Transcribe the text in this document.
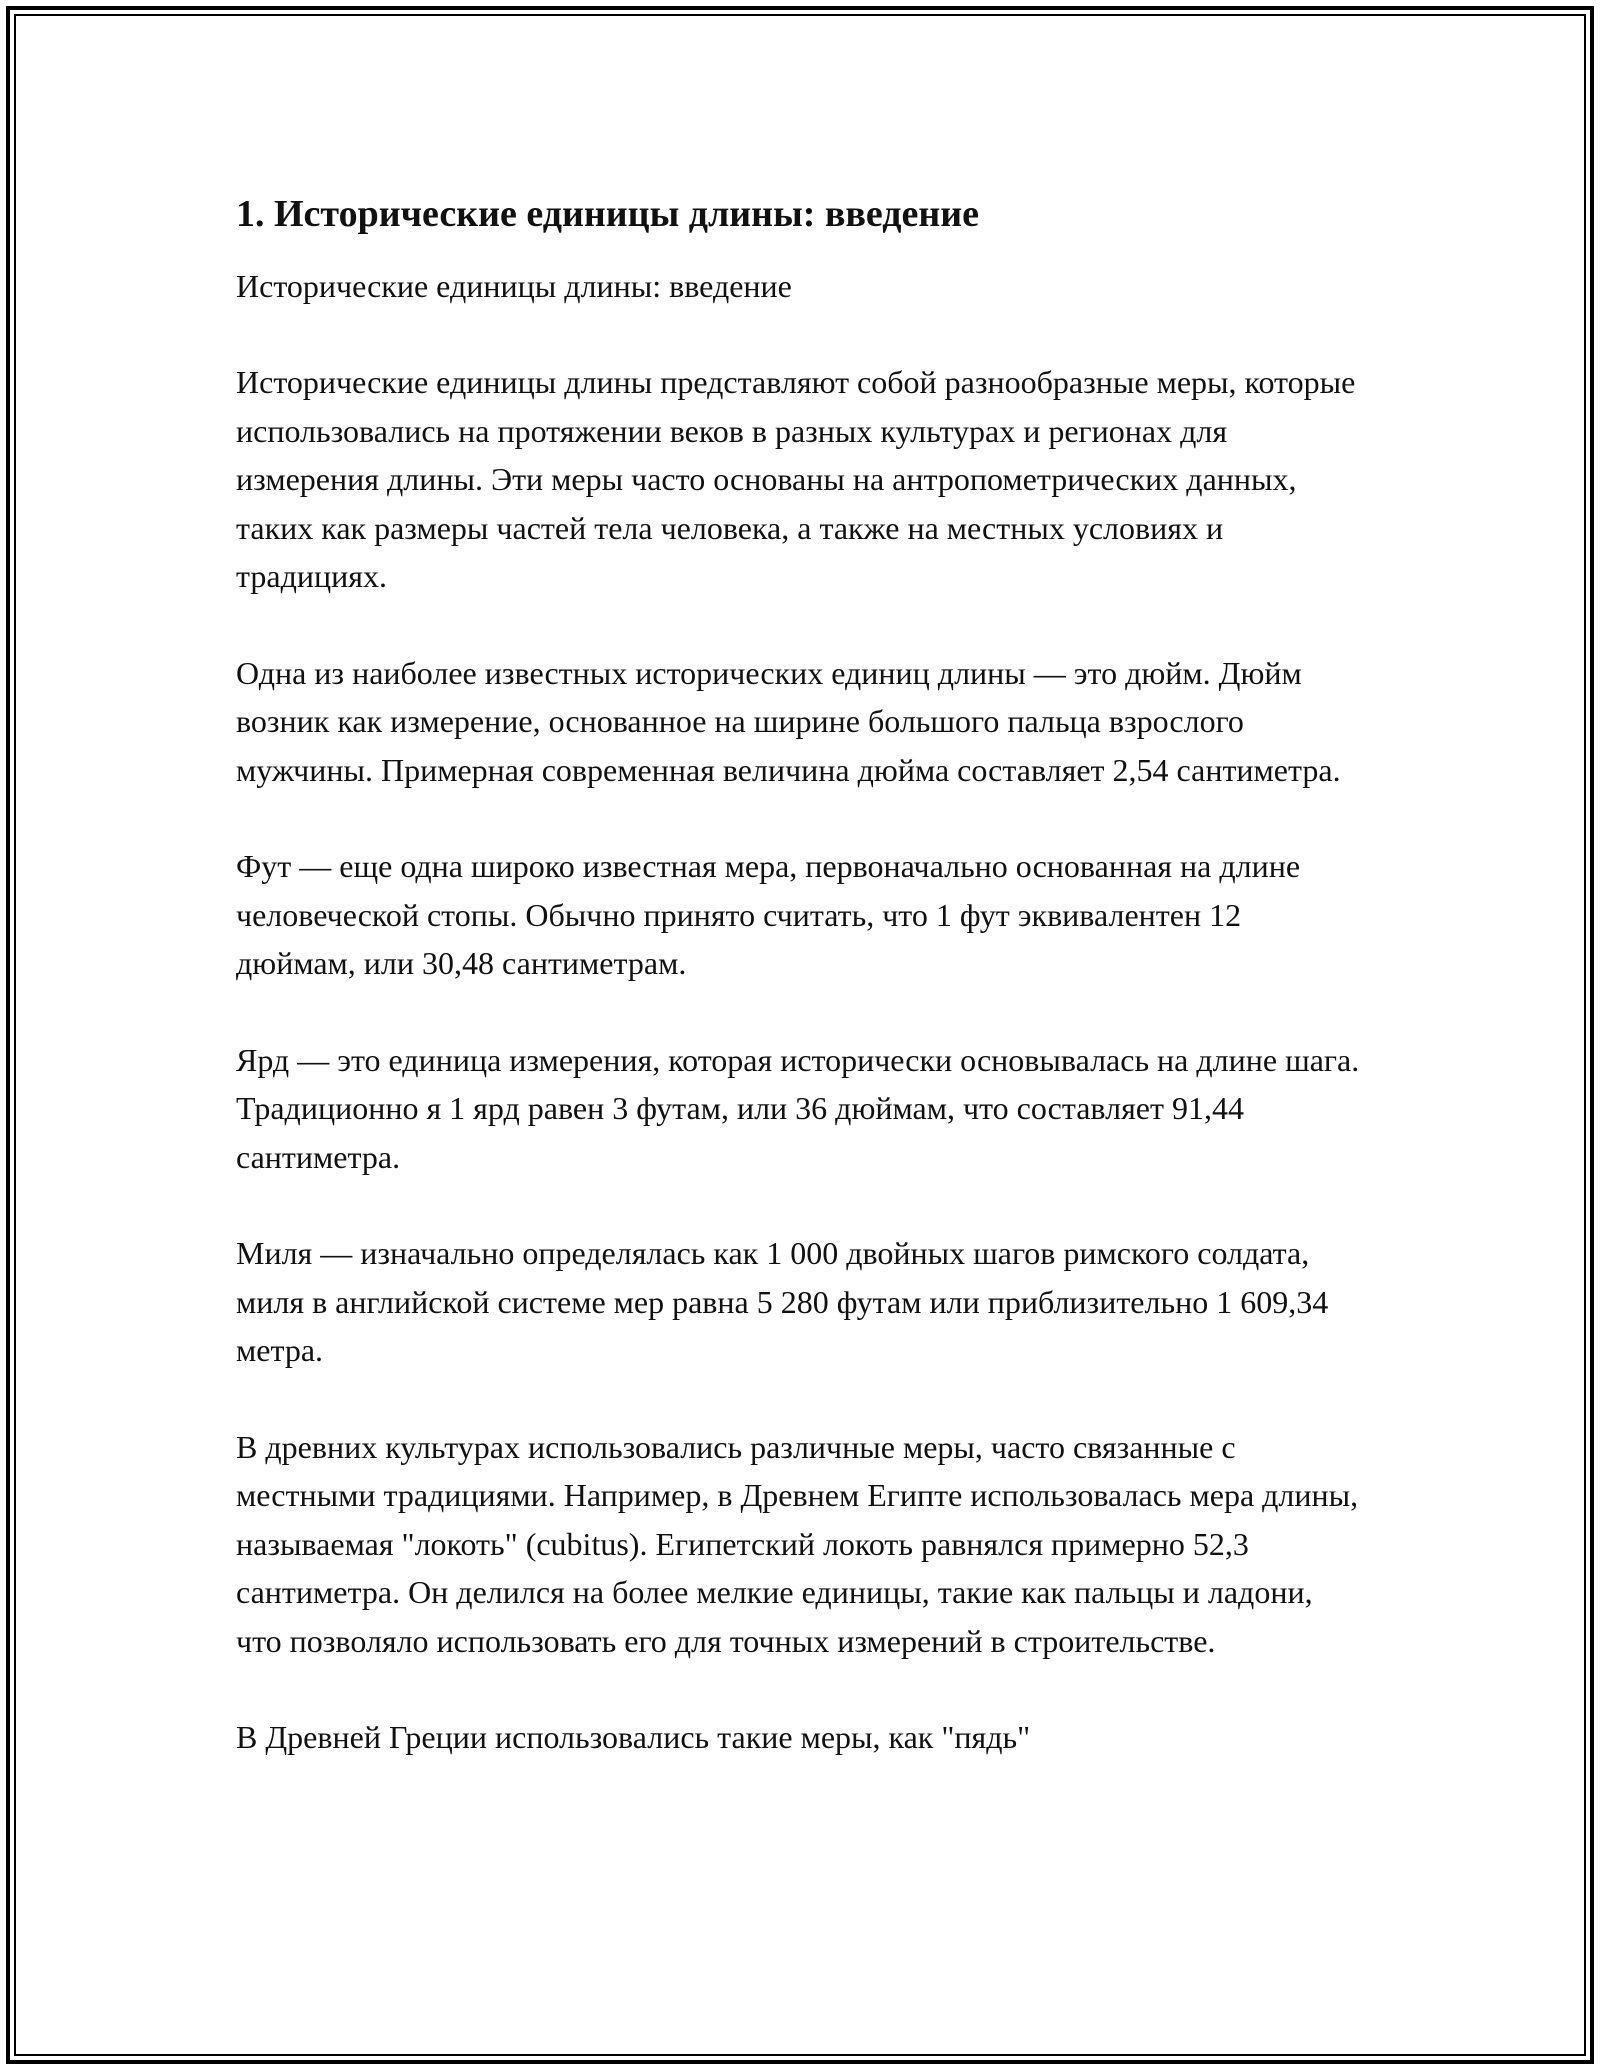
1. Исторические единицы длины: введение

Исторические единицы длины: введение

Исторические единицы длины представляют собой разнообразные меры, которые использовались на протяжении веков в разных культурах и регионах для измерения длины. Эти меры часто основаны на антропометрических данных, таких как размеры частей тела человека, а также на местных условиях и традициях.

Одна из наиболее известных исторических единиц длины — это дюйм. Дюйм возник как измерение, основанное на ширине большого пальца взрослого мужчины. Примерная современная величина дюйма составляет 2,54 сантиметра.

Фут — еще одна широко известная мера, первоначально основанная на длине человеческой стопы. Обычно принято считать, что 1 фут эквивалентен 12 дюймам, или 30,48 сантиметрам.

Ярд — это единица измерения, которая исторически основывалась на длине шага. Традиционно я 1 ярд равен 3 футам, или 36 дюймам, что составляет 91,44 сантиметра.

Миля — изначально определялась как 1 000 двойных шагов римского солдата, миля в английской системе мер равна 5 280 футам или приблизительно 1 609,34 метра.

В древних культурах использовались различные меры, часто связанные с местными традициями. Например, в Древнем Египте использовалась мера длины, называемая "локоть" (cubitus). Египетский локоть равнялся примерно 52,3 сантиметра. Он делился на более мелкие единицы, такие как пальцы и ладони, что позволяло использовать его для точных измерений в строительстве.

В Древней Греции использовались такие меры, как "пядь"
